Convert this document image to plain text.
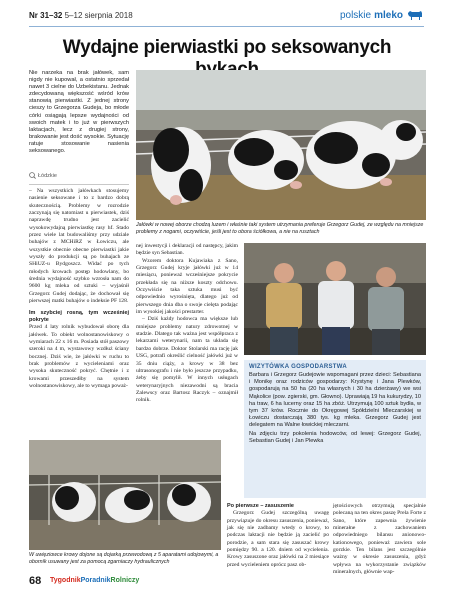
Nr 31–32 5–12 sierpnia 2018	polskie mleko
Wydajne pierwiastki po seksowanych
Nie narzeka na brak jałówek, sam nigdy nie kupował, a ostatnio sprzedał nawet 3 cielne do Uzbekistanu. Jednak zdecydowaną większość wśród krów stanowią pierwiastki. Z jednej strony cieszy to Grzegorza Gudeja, bo młode córki osiągają lepsze wydajności od swoich matek i to już w pierwszych laktacjach, lecz z drugiej strony, brakowanie jest dość wysokie. Sytuację ratuje stosowanie nasienia seksowanego.
Łódzkie

– Na wszystkich jałówkach stosujemy nasienie seksowane i to z bardzo dobrą skutecznością. Problemy w rozrodzie zaczynają się natomiast u pierwiastek, dziś naprawdę trudno jest zacielić wysokowydajną pierwiastkę rasy hf. Stado przez wiele lat budowaliśmy przy udziale buhajów z MCHiRZ w Łowiczu, ale wszystkie obecnie obecne pierwiastki jakie wyszły do produkcji są po buhajach ze SHiUZ-u Bydgoszcz. Widać po tych młodych krowach postęp hodowlany, bo średnia wydajność szybko wzrosła nam do 9600 kg mleka od sztuki – wyjaśnił Grzegorz Gudej dodając, że dochował się pierwszej matki buhajów o indeksie PF 128.

Im szybciej rosną, tym wcześniej pokryte

Przed 4 laty rolnik wybudował oborę dla jałówek. To obiekt wolnostanowiskowy o wymiarach 22 x 16 m. Posiada stół paszowy szeroki na 4 m, wystawowy wzdłuż ściany bocznej. Dziś wie, że jałówki w ruchu to brak problemów z wycieleniami oraz wysoka skuteczność pokryć. Chętnie i z krowami przeszedłby na system wolnostanowiskowy, ale to wymaga poważ-

Jałówki w nowej oborze chodzą luzem i właśnie taki system utrzymania preferuje Grzegorz Gudej, ze względu na mniejsze problemy z nogami, oczywiście, jeśli jest to obora ściółkowa, a nie na rusztach

nej inwestycji i deklaracji od następcy, jakim będzie syn Sebastian.

Wzorem doktora Kujawiaka z Sano, Grzegorz Gudej kryje jałówki już w 14 miesiącu, ponieważ wcześniejsze pokrycie przekłada się na niższe koszty odchowu. Oczywiście taka sztuka musi być odpowiednio wyrośnięta, dlatego już od pierwszego dnia dba o swoje cielęta podając im wysokiej jakości prestarter.

– Dziś każdy hodowca ma większe lub mniejsze problemy natury zdrowotnej w stadzie. Dlatego tak ważna jest współpraca z lekarzami weterynarii, nam ta układa się bardzo dobrze. Doktor Stolarski ma rację jak USG, potrafi określić cielność jałówki już w 35 dniu ciąży, a krowy w 38 bez ultrasonografu i nie było jeszcze przypadku, żeby się pomylił. W innych usługach weterynaryjnych niezawodni są bracia Zalewscy oraz Bartosz Raczyk – oznajmił rolnik.

WIZYTÓWKA GOSPODARSTWA
Barbara i Grzegorz Gudejowie wspomagani przez dzieci: Sebastiana i Monikę oraz rodziców gospodarzy: Krystynę i Jana Plewków, gospodarują na 50 ha (20 ha własnych i 30 ha dzierżawy) we wsi Mąkolice (pow. zgierski, gm. Głowno). Uprawiają 19 ha kukurydzy, 10 ha traw, 6 ha lucerny oraz 15 ha zbóż. Utrzymują 100 sztuk bydła, w tym 37 krów. Rocznie do Okręgowej Spółdzielni Mleczarskiej w Łowiczu dostarczają 380 tys. kg mleka. Grzegorz Gudej jest delegatem na Walne łowickiej mleczarni.
Na zdjęciu trzy pokolenia hodowców, od lewej: Grzegorz Gudej, Sebastian Gudej i Jan Plewka
W uwięziowce krowy dojone są dojarką przewodową z 5 aparatami udojowymi, a oborník usuwany jest za pomocą zgarniaczy hydraulicznych

Po pierwsze – zasuszenie

Grzegorz Gudej szczególną uwagę przywiązuje do okresu zasuszenia, ponieważ, jak się nie zadbamy wtedy o krowy, to podczas laktacji nie będzie ją zacielić po porodzie, a sam stara się zasuszać krowy pomiędzy 90. a 120. dniem od wycielenia. Krowy zasuszone oraz jałówki na 2 miesiące przed wycieleniem oprócz pasz ob-

jętościowych otrzymują specjalnie polecaną na ten okres paszę Prela Forte z Sano, które zapewnia żywienie minerałne z zachowaniem odpowiedniego bilansu anionowo-kationowego, ponieważ zawiera sole gorzkie. Ten bilans jest szczególnie ważny w okresie zasuszenia, gdyż wpływa na wykorzystanie związków mineralnych, głównie wap-

68 TygodnikPoradnikRolniczy
